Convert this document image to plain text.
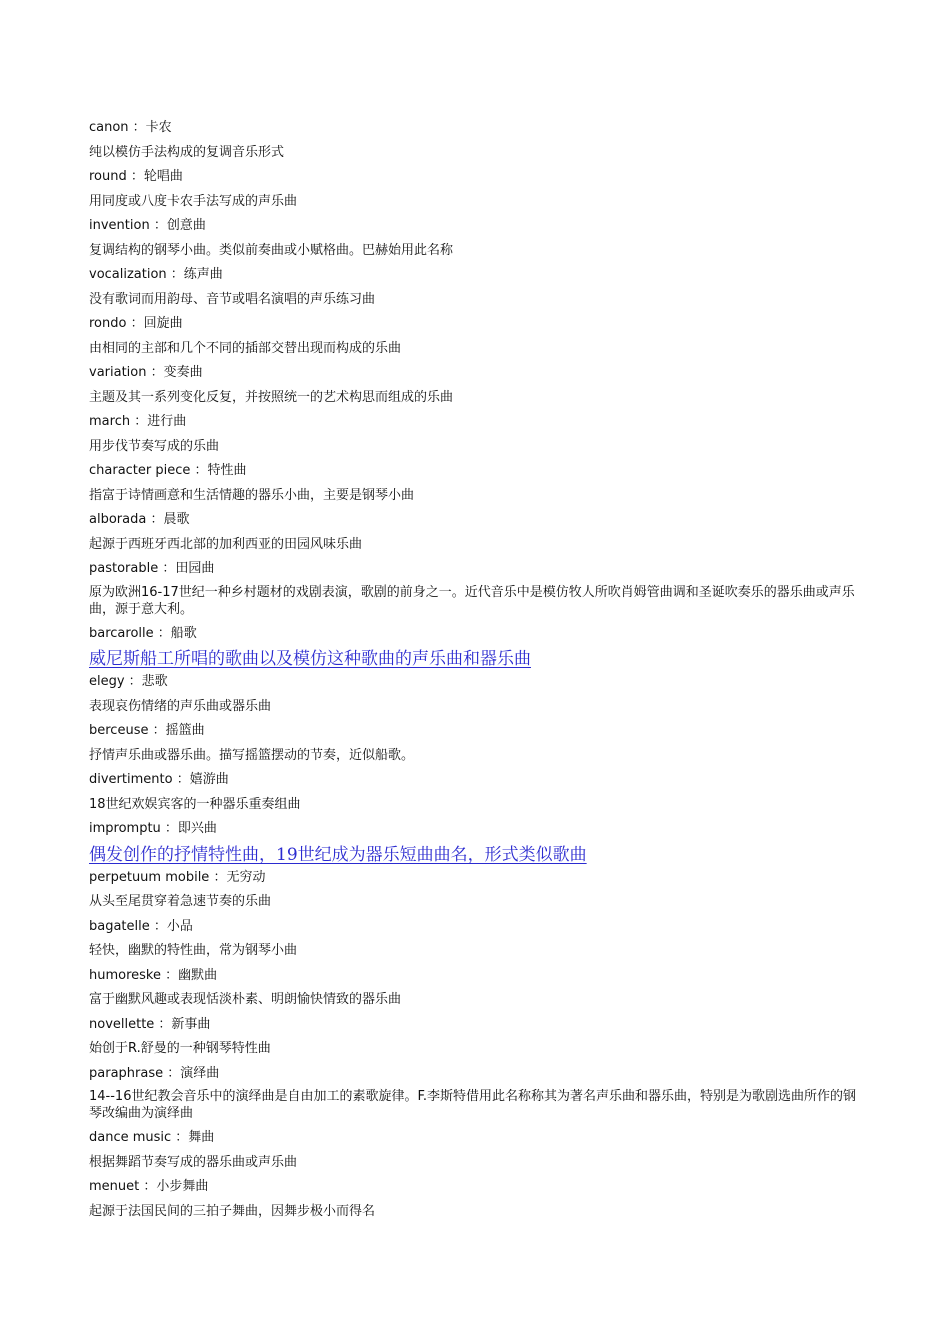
canon ：卡农
纯以模仿手法构成的复调音乐形式
round ：轮唱曲
用同度或八度卡农手法写成的声乐曲
invention ：创意曲
复调结构的钢琴小曲。类似前奏曲或小赋格曲。巴赫始用此名称
vocalization ：练声曲
没有歌词而用韵母、音节或唱名演唱的声乐练习曲
rondo ：回旋曲
由相同的主部和几个不同的插部交替出现而构成的乐曲
variation ：变奏曲
主题及其一系列变化反复，并按照统一的艺术构思而组成的乐曲
march ：进行曲
用步伐节奏写成的乐曲
character piece ：特性曲
指富于诗情画意和生活情趣的器乐小曲，主要是钢琴小曲
alborada ：晨歌
起源于西班牙西北部的加利西亚的田园风味乐曲
pastorable ：田园曲
原为欧洲16-17世纪一种乡村题材的戏剧表演，歌剧的前身之一。近代音乐中是模仿牧人所吹肖姆管曲调和圣诞吹奏乐的器乐曲或声乐曲，源于意大利。
barcarolle ：船歌
威尼斯船工所唱的歌曲以及模仿这种歌曲的声乐曲和器乐曲
elegy ：悲歌
表现哀伤情绪的声乐曲或器乐曲
berceuse ：摇篮曲
抒情声乐曲或器乐曲。描写摇篮摆动的节奏，近似船歌。
divertimento ：嬉游曲
18世纪欢娱宾客的一种器乐重奏组曲
impromptu ：即兴曲
偶发创作的抒情特性曲，19世纪成为器乐短曲曲名，形式类似歌曲
perpetuum mobile ：无穷动
从头至尾贯穿着急速节奏的乐曲
bagatelle ：小品
轻快，幽默的特性曲，常为钢琴小曲
humoreske ：幽默曲
富于幽默风趣或表现恬淡朴素、明朗愉快情致的器乐曲
novellette ：新事曲
始创于R.舒曼的一种钢琴特性曲
paraphrase ：演绎曲
14--16世纪教会音乐中的演绎曲是自由加工的素歌旋律。F.李斯特借用此名称称其为著名声乐曲和器乐曲，特别是为歌剧选曲所作的钢琴改编曲为演绎曲
dance music ：舞曲
根据舞蹈节奏写成的器乐曲或声乐曲
menuet ：小步舞曲
起源于法国民间的三拍子舞曲，因舞步极小而得名
